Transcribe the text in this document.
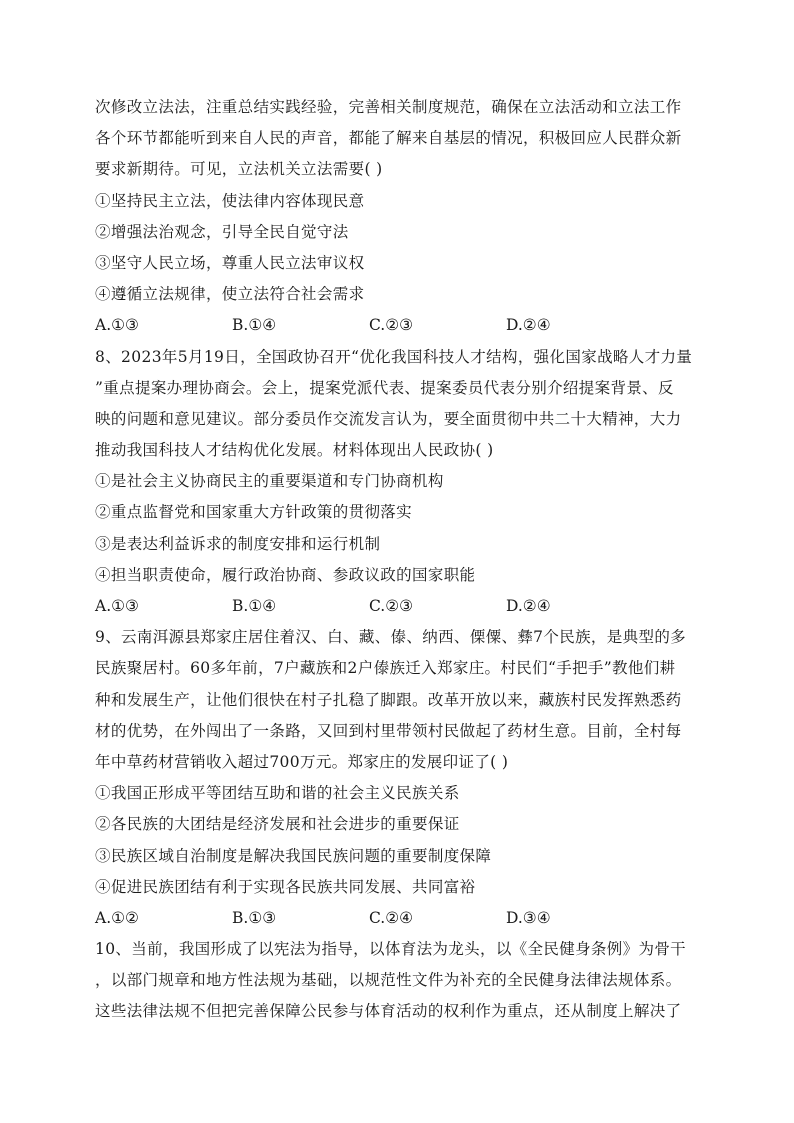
次修改立法法，注重总结实践经验，完善相关制度规范，确保在立法活动和立法工作
各个环节都能听到来自人民的声音，都能了解来自基层的情况，积极回应人民群众新
要求新期待。可见，立法机关立法需要( )
①坚持民主立法，使法律内容体现民意
②增强法治观念，引导全民自觉守法
③坚守人民立场，尊重人民立法审议权
④遵循立法规律，使立法符合社会需求
A.①③	B.①④	C.②③	D.②④
8、2023年5月19日，全国政协召开“优化我国科技人才结构，强化国家战略人才力量
”重点提案办理协商会。会上，提案党派代表、提案委员代表分别介绍提案背景、反
映的问题和意见建议。部分委员作交流发言认为，要全面贯彻中共二十大精神，大力
推动我国科技人才结构优化发展。材料体现出人民政协( )
①是社会主义协商民主的重要渠道和专门协商机构
②重点监督党和国家重大方针政策的贯彻落实
③是表达利益诉求的制度安排和运行机制
④担当职责使命，履行政治协商、参政议政的国家职能
A.①③	B.①④	C.②③	D.②④
9、云南洱源县郑家庄居住着汉、白、藏、傣、纳西、傈僳、彝7个民族，是典型的多
民族聚居村。60多年前，7户藏族和2户傣族迁入郑家庄。村民们“手把手”教他们耕
种和发展生产，让他们很快在村子扎稳了脚跟。改革开放以来，藏族村民发挥熟悉药
材的优势，在外闯出了一条路，又回到村里带领村民做起了药材生意。目前，全村每
年中草药材营销收入超过700万元。郑家庄的发展印证了( )
①我国正形成平等团结互助和谐的社会主义民族关系
②各民族的大团结是经济发展和社会进步的重要保证
③民族区域自治制度是解决我国民族问题的重要制度保障
④促进民族团结有利于实现各民族共同发展、共同富裕
A.①②	B.①③	C.②④	D.③④
10、当前，我国形成了以宪法为指导，以体育法为龙头，以《全民健身条例》为骨干
，以部门规章和地方性法规为基础，以规范性文件为补充的全民健身法律法规体系。
这些法律法规不但把完善保障公民参与体育活动的权利作为重点，还从制度上解决了
